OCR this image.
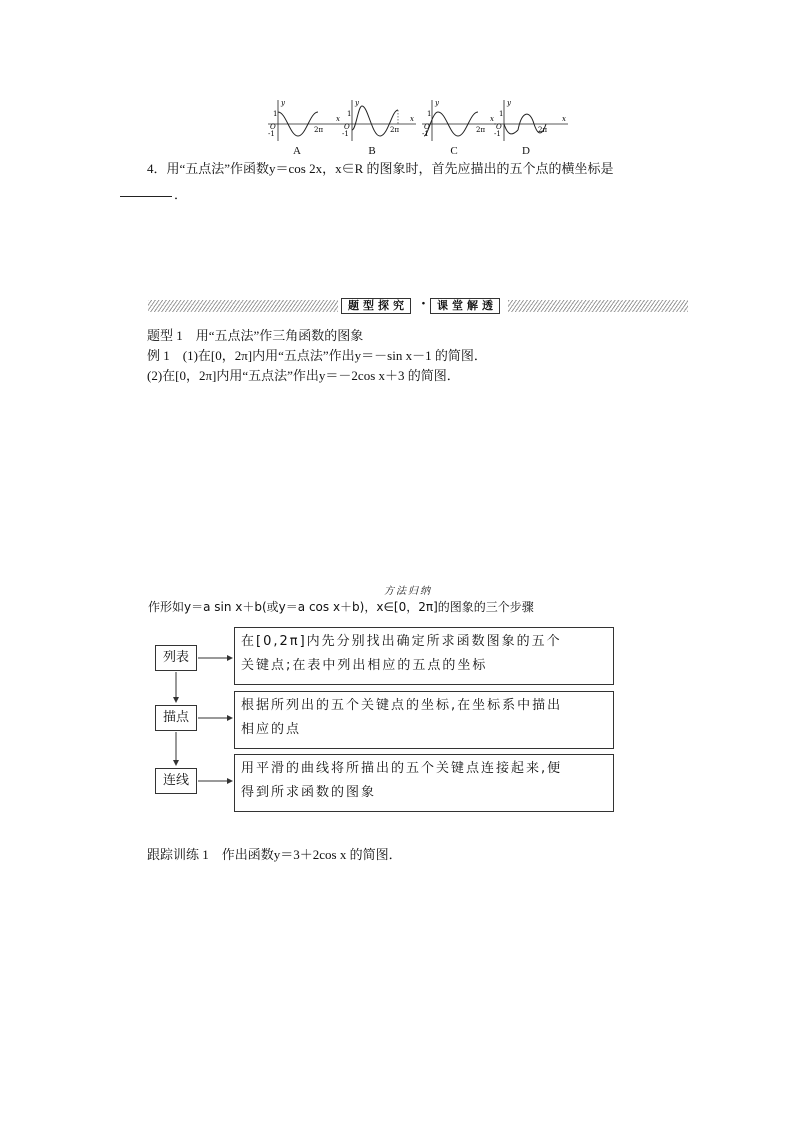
y
x
1
-1
O	2π
A
y
x
1
-1
O	2π
B
y
x
1
-1
O	2π
C
y
x
1
-1
O	2π
D
4．用“五点法”作函数y＝cos 2x，x∈R 的图象时，首先应描出的五个点的横坐标是
．
题型探究 ·	课堂解透
题型 1　用“五点法”作三角函数的图象
例 1　(1)在[0，2π]内用“五点法”作出y＝－sin x－1 的简图．
(2)在[0，2π]内用“五点法”作出y＝－2cos x＋3 的简图．
方法归纳
作形如y＝a sin x＋b(或y＝a cos x＋b)，x∈[0，2π]的图象的三个步骤
列表
在[0,2π]内先分别找出确定所求函数图象的五个
关键点;在表中列出相应的五点的坐标
描点
根据所列出的五个关键点的坐标,在坐标系中描出
相应的点
连线
用平滑的曲线将所描出的五个关键点连接起来,便
得到所求函数的图象
跟踪训练 1　作出函数y＝3＋2cos x 的简图．
